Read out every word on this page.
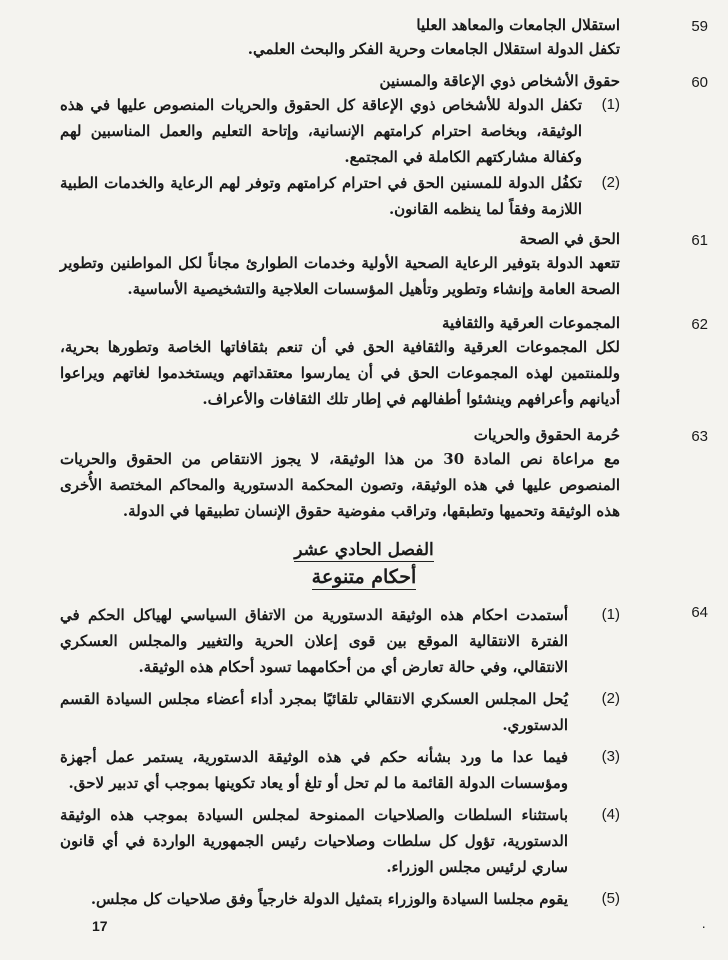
59
استقلال الجامعات والمعاهد العليا
تكفل الدولة استقلال الجامعات وحرية الفكر والبحث العلمي.
60
حقوق الأشخاص ذوي الإعاقة والمسنين
(1)
تكفل الدولة للأشخاص ذوي الإعاقة كل الحقوق والحريات المنصوص عليها في هذه الوثيقة، وبخاصة احترام كرامتهم الإنسانية، وإتاحة التعليم والعمل المناسبين لهم وكفالة مشاركتهم الكاملة في المجتمع.
(2)
تكفُل الدولة للمسنين الحق في احترام كرامتهم وتوفر لهم الرعاية والخدمات الطبية اللازمة وفقاً لما ينظمه القانون.
61
الحق في الصحة
تتعهد الدولة بتوفير الرعاية الصحية الأولية وخدمات الطوارئ مجاناً لكل المواطنين وتطوير الصحة العامة وإنشاء وتطوير وتأهيل المؤسسات العلاجية والتشخيصية الأساسية.
62
المجموعات العرقية والثقافية
لكل المجموعات العرقية والثقافية الحق في أن تنعم بثقافاتها الخاصة وتطورها بحرية، وللمنتمين لهذه المجموعات الحق في أن يمارسوا معتقداتهم ويستخدموا لغاتهم ويراعوا أديانهم وأعرافهم وينشئوا أطفالهم في إطار تلك الثقافات والأعراف.
63
حُرمة الحقوق والحريات
مع مراعاة نص المادة 30 من هذا الوثيقة، لا يجوز الانتقاص من الحقوق والحريات المنصوص عليها في هذه الوثيقة، وتصون المحكمة الدستورية والمحاكم المختصة الأُخرى هذه الوثيقة وتحميها وتطبقها، وتراقب مفوضية حقوق الإنسان تطبيقها في الدولة.
الفصل الحادي عشر
أحكام متنوعة
64
(1)
أستمدت احكام هذه الوثيقة الدستورية من الاتفاق السياسي لهياكل الحكم في الفترة الانتقالية الموقع بين قوى إعلان الحرية والتغيير والمجلس العسكري الانتقالي، وفي حالة تعارض أي من أحكامهما تسود أحكام هذه الوثيقة.
(2)
يُحل المجلس العسكري الانتقالي تلقائيًا بمجرد أداء أعضاء مجلس السيادة القسم الدستوري.
(3)
فيما عدا ما ورد بشأنه حكم في هذه الوثيقة الدستورية، يستمر عمل أجهزة ومؤسسات الدولة القائمة ما لم تحل أو تلغ أو يعاد تكوينها بموجب أي تدبير لاحق.
(4)
باستثناء السلطات والصلاحيات الممنوحة لمجلس السيادة بموجب هذه الوثيقة الدستورية، تؤول كل سلطات وصلاحيات رئيس الجمهورية الواردة في أي قانون ساري لرئيس مجلس الوزراء.
(5)
يقوم مجلسا السيادة والوزراء بتمثيل الدولة خارجياً وفق صلاحيات كل مجلس.
17	·
